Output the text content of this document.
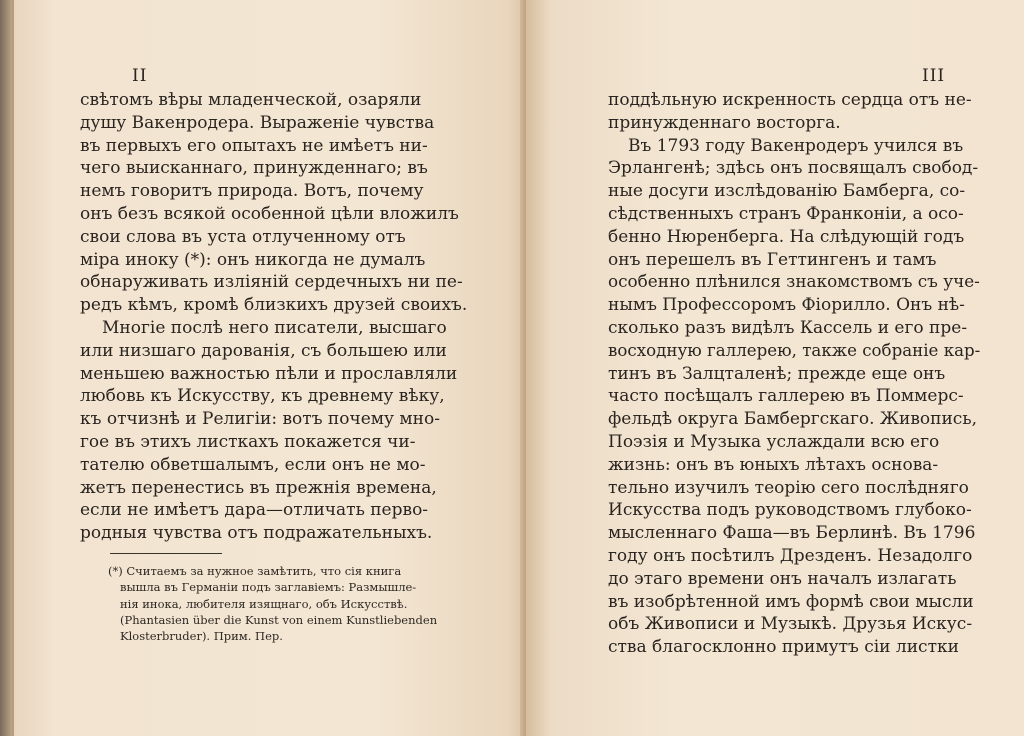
II
свѣтомъ вѣры младенческой, озаряли
душу Вакенродера. Выраженіе чувства
въ первыхъ его опытахъ не имѣетъ ни-
чего выисканнаго, принужденнаго; въ
немъ говоритъ природа. Вотъ, почему
онъ безъ всякой особенной цѣли вложилъ
свои слова въ уста отлученному отъ
міра иноку (*): онъ никогда не думалъ
обнаруживать изліяній сердечныхъ ни пе-
редъ кѣмъ, кромѣ близкихъ друзей своихъ.
Многіе послѣ него писатели, высшаго
или низшаго дарованія, съ большею или
меньшею важностью пѣли и прославляли
любовь къ Искусству, къ древнему вѣку,
къ отчизнѣ и Религіи: вотъ почему мно-
гое въ этихъ листкахъ покажется чи-
тателю обветшалымъ, если онъ не мо-
жетъ перенестись въ прежнія времена,
если не имѣетъ дара—отличать перво-
родныя чувства отъ подражательныхъ.
(*) Считаемъ за нужное замѣтить, что сія книга
вышла въ Германіи подъ заглавіемъ: Размышле-
нія инока, любителя изящнаго, объ Искусствѣ.
(Phantasien über die Kunst von einem Kunstliebenden
Klosterbruder). Прим. Пер.
III
поддѣльную искренность сердца отъ не-
принужденнаго восторга.
Въ 1793 году Вакенродеръ учился въ
Эрлангенѣ; здѣсь онъ посвящалъ свобод-
ные досуги изслѣдованію Бамберга, со-
сѣдственныхъ странъ Франконіи, а осо-
бенно Нюренберга. На слѣдующій годъ
онъ перешелъ въ Геттингенъ и тамъ
особенно плѣнился знакомствомъ съ уче-
нымъ Профессоромъ Фіорилло. Онъ нѣ-
сколько разъ видѣлъ Кассель и его пре-
восходную галлерею, также собраніе кар-
тинъ въ Залцталенѣ; прежде еще онъ
часто посѣщалъ галлерею въ Поммерс-
фельдѣ округа Бамбергскаго. Живопись,
Поэзія и Музыка услаждали всю его
жизнь: онъ въ юныхъ лѣтахъ основа-
тельно изучилъ теорію сего послѣдняго
Искусства подъ руководствомъ глубоко-
мысленнаго Фаша—въ Берлинѣ. Въ 1796
году онъ посѣтилъ Дрезденъ. Незадолго
до этаго времени онъ началъ излагать
въ изобрѣтенной имъ формѣ свои мысли
объ Живописи и Музыкѣ. Друзья Искус-
ства благосклонно примутъ сіи листки
